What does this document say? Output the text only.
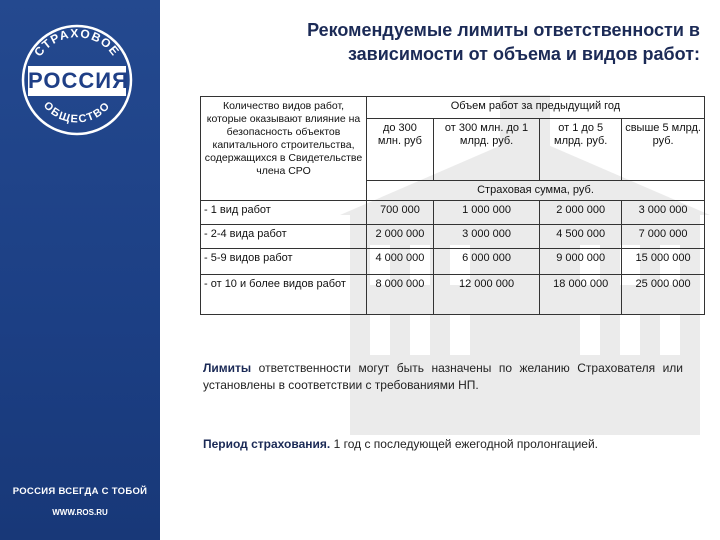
СТРАХОВОЕ
ОБЩЕСТВО
РОССИЯ
РОССИЯ ВСЕГДА С ТОБОЙ
WWW.ROS.RU
Рекомендуемые лимиты ответственности в
зависимости от объема и видов работ:
Количество видов работ, которые оказывают влияние на безопасность объектов капитального строительства, содержащихся в Свидетельстве члена СРО	Объем работ за предыдущий год			
	до 300 млн. руб	от 300 млн. до 1 млрд. руб.	от 1 до 5 млрд. руб.	свыше 5 млрд. руб.
	Страховая сумма, руб.			
- 1 вид работ	700 000	1 000 000	2 000 000	3 000 000
- 2-4 вида работ	2 000 000	3 000 000	4 500 000	7 000 000
- 5-9 видов работ	4 000 000	6 000 000	9 000 000	15 000 000
- от 10 и более видов работ	8 000 000	12 000 000	18 000 000	25 000 000
Лимиты ответственности могут быть назначены по желанию Страхователя или установлены в соответствии с требованиями НП.
Период страхования. 1 год с последующей ежегодной пролонгацией.
